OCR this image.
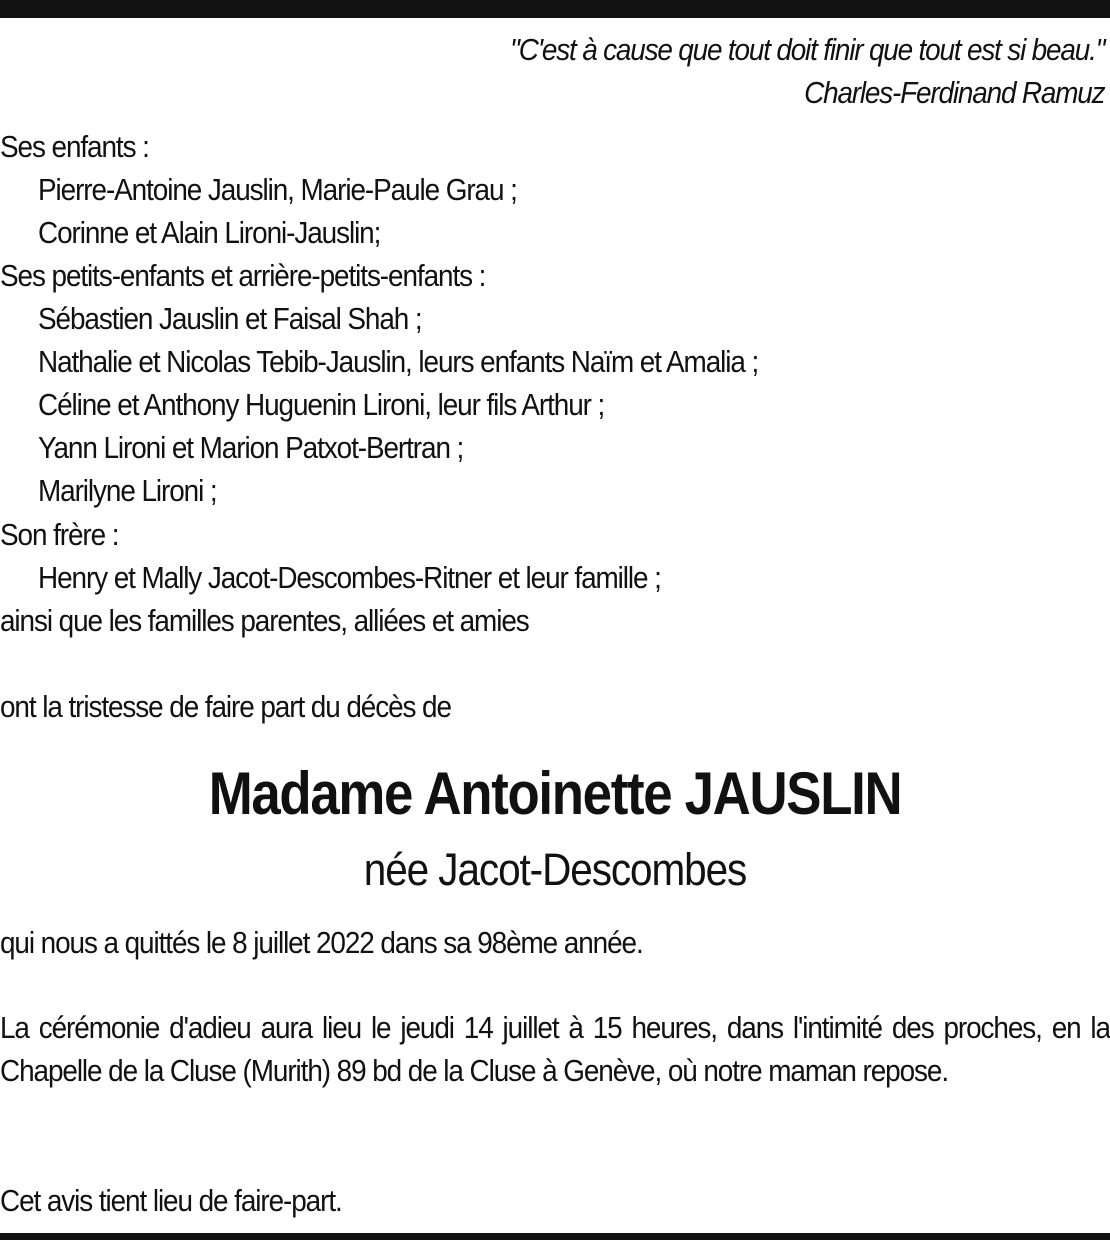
"C'est à cause que tout doit finir que tout est si beau."
Charles-Ferdinand Ramuz
Ses enfants :
Pierre-Antoine Jauslin, Marie-Paule Grau ;
Corinne et Alain Lironi-Jauslin;
Ses petits-enfants et arrière-petits-enfants :
Sébastien Jauslin et Faisal Shah ;
Nathalie et Nicolas Tebib-Jauslin, leurs enfants Naïm et Amalia ;
Céline et Anthony Huguenin Lironi, leur fils Arthur ;
Yann Lironi et Marion Patxot-Bertran ;
Marilyne Lironi ;
Son frère :
Henry et Mally Jacot-Descombes-Ritner et leur famille ;
ainsi que les familles parentes, alliées et amies
ont la tristesse de faire part du décès de
Madame Antoinette JAUSLIN
née Jacot-Descombes
qui nous a quittés le 8 juillet 2022 dans sa 98ème année.
La cérémonie d'adieu aura lieu le jeudi 14 juillet à 15 heures, dans l'intimité des proches, en la Chapelle de la Cluse (Murith) 89 bd de la Cluse à Genève, où notre maman repose.
Cet avis tient lieu de faire-part.
